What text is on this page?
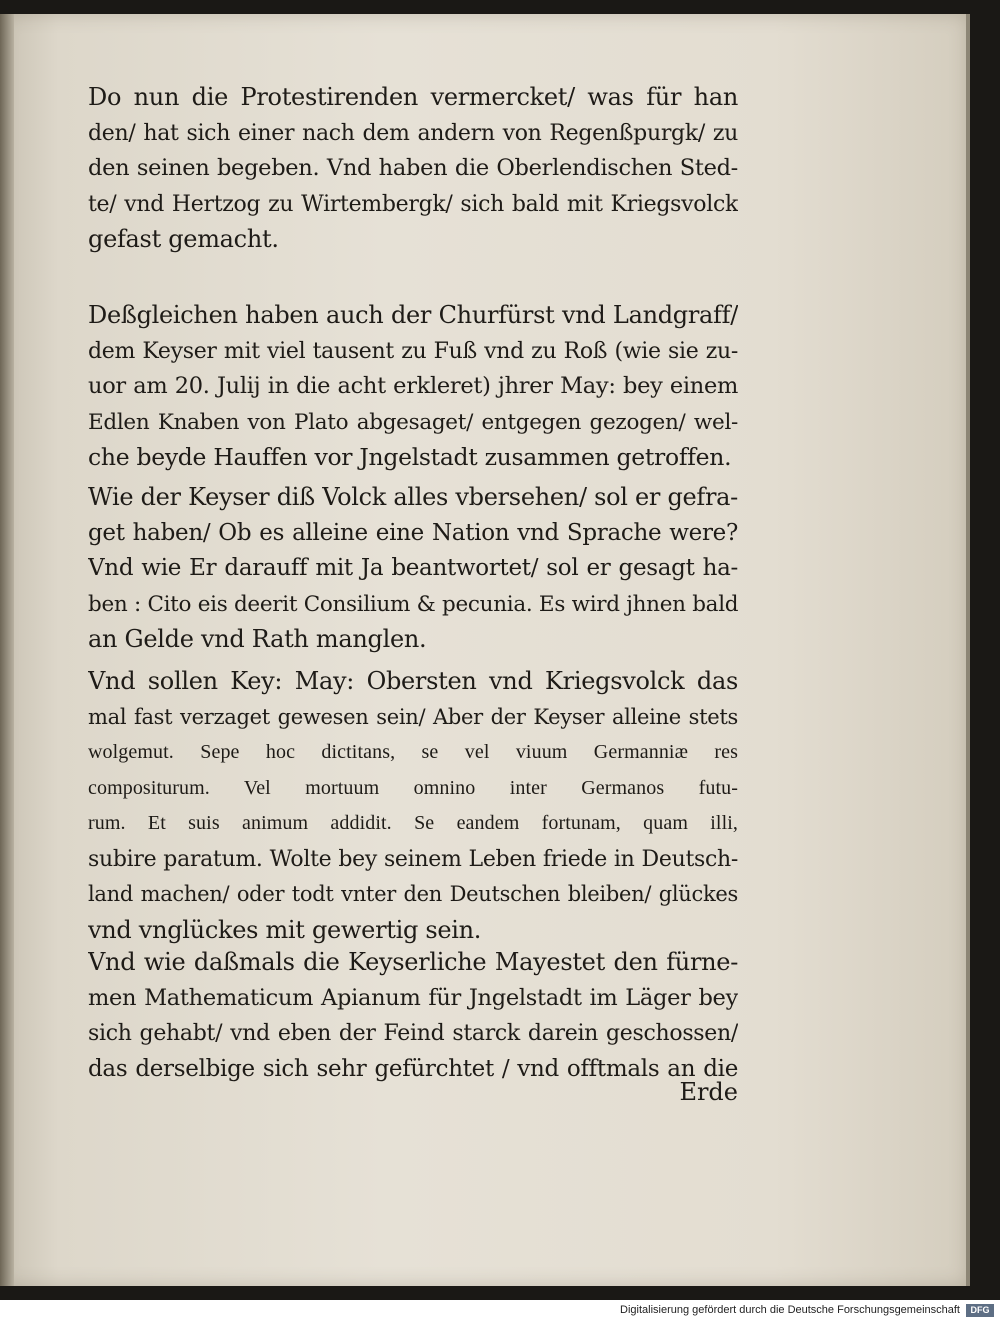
Do nun die Protestirenden vermercket/ was für han
den/ hat sich einer nach dem andern von Regenßpurgk/ zu
den seinen begeben. Vnd haben die Oberlendischen Sted-
te/ vnd Hertzog zu Wirtembergk/ sich bald mit Kriegsvolck
gefast gemacht.
Deßgleichen haben auch der Churfürst vnd Landgraff/
dem Keyser mit viel tausent zu Fuß vnd zu Roß (wie sie zu-
uor am 20. Julij in die acht erkleret) jhrer May: bey einem
Edlen Knaben von Plato abgesaget/ entgegen gezogen/ wel-
che beyde Hauffen vor Jngelstadt zusammen getroffen.
Wie der Keyser diß Volck alles vbersehen/ sol er gefra-
get haben/ Ob es alleine eine Nation vnd Sprache were?
Vnd wie Er darauff mit Ja beantwortet/ sol er gesagt ha-
ben : Cito eis deerit Consilium & pecunia. Es wird jhnen bald
an Gelde vnd Rath manglen.
Vnd sollen Key: May: Obersten vnd Kriegsvolck das
mal fast verzaget gewesen sein/ Aber der Keyser alleine stets
wolgemut. Sepe hoc dictitans, se vel viuum Germanniæ res
compositurum. Vel mortuum omnino inter Germanos futu-
rum. Et suis animum addidit. Se eandem fortunam, quam illi,
subire paratum. Wolte bey seinem Leben friede in Deutsch-
land machen/ oder todt vnter den Deutschen bleiben/ glückes
vnd vnglückes mit gewertig sein.
Vnd wie daßmals die Keyserliche Mayestet den fürne-
men Mathematicum Apianum für Jngelstadt im Läger bey
sich gehabt/ vnd eben der Feind starck darein geschossen/
das derselbige sich sehr gefürchtet / vnd offtmals an die
Erde
Digitalisierung gefördert durch die Deutsche Forschungsgemeinschaft	DFG
